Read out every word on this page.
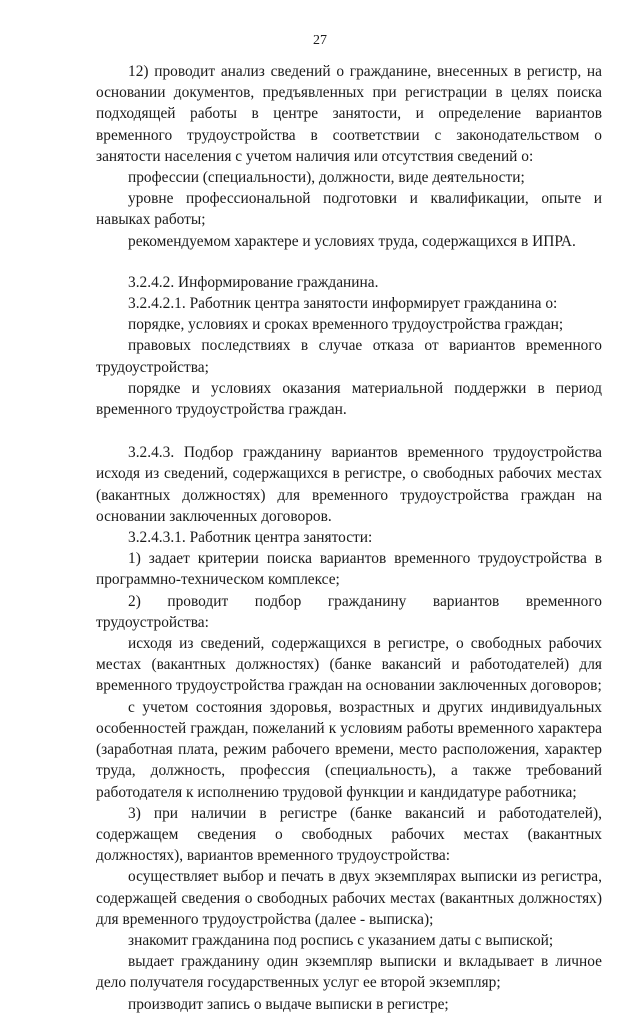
27

12) проводит анализ сведений о гражданине, внесенных в регистр, на основании документов, предъявленных при регистрации в целях поиска подходящей работы в центре занятости, и определение вариантов временного трудоустройства в соответствии с законодательством о занятости населения с учетом наличия или отсутствия сведений о:

профессии (специальности), должности, виде деятельности;

уровне профессиональной подготовки и квалификации, опыте и навыках работы;

рекомендуемом характере и условиях труда, содержащихся в ИПРА.

3.2.4.2. Информирование гражданина.

3.2.4.2.1. Работник центра занятости информирует гражданина о:

порядке, условиях и сроках временного трудоустройства граждан;

правовых последствиях в случае отказа от вариантов временного трудоустройства;

порядке и условиях оказания материальной поддержки в период временного трудоустройства граждан.

3.2.4.3. Подбор гражданину вариантов временного трудоустройства исходя из сведений, содержащихся в регистре, о свободных рабочих местах (вакантных должностях) для временного трудоустройства граждан на основании заключенных договоров.

3.2.4.3.1. Работник центра занятости:

1) задает критерии поиска вариантов временного трудоустройства в программно-техническом комплексе;

2) проводит подбор гражданину вариантов временного трудоустройства:

исходя из сведений, содержащихся в регистре, о свободных рабочих местах (вакантных должностях) (банке вакансий и работодателей) для временного трудоустройства граждан на основании заключенных договоров;

с учетом состояния здоровья, возрастных и других индивидуальных особенностей граждан, пожеланий к условиям работы временного характера (заработная плата, режим рабочего времени, место расположения, характер труда, должность, профессия (специальность), а также требований работодателя к исполнению трудовой функции и кандидатуре работника;

3) при наличии в регистре (банке вакансий и работодателей), содержащем сведения о свободных рабочих местах (вакантных должностях), вариантов временного трудоустройства:

осуществляет выбор и печать в двух экземплярах выписки из регистра, содержащей сведения о свободных рабочих местах (вакантных должностях) для временного трудоустройства (далее - выписка);

знакомит гражданина под роспись с указанием даты с выпиской;

выдает гражданину один экземпляр выписки и вкладывает в личное дело получателя государственных услуг ее второй экземпляр;

производит запись о выдаче выписки в регистре;
